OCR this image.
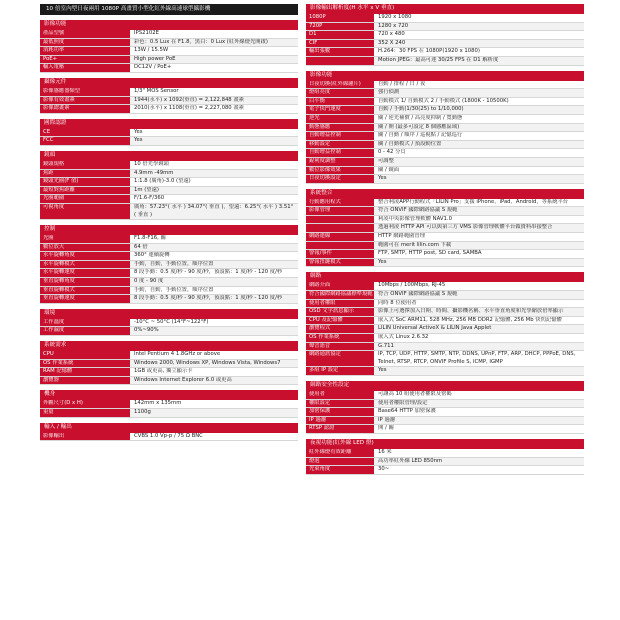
10 倍室內型日夜兩用 1080P 高畫質小型化紅外線高速球型攝影機
影像功能
產品型號	IPS2102E
最低照度	彩色：0.5 Lux 在 F1.8，黑白：0 Lux (紅外線燈光開啟)
消耗功率	13W / 15.5W
PoE+	High power PoE
輸入電壓	DC12V / PoE+
攝像元件
影像感應器類型	1/3" MOS Sensor
影像有效畫素	1944(水平) x 1092(垂直) = 2,122,848 畫素
影像總畫素	2010(水平) x 1108(垂直) = 2,227,080 畫素
國際認證
CE	Yes
FCC	Yes
鏡頭
鏡頭規格	10 倍光學鏡頭
焦距	4.9mm -49mm
鏡頭光圈(F 值)	1:1.8 (廣角)-3.0 (望遠)
最短對焦距離	1m (望遠)
光圈範圍	F/1.6-F/360
可視角度	廣角：57.23°( 水平 ) 34.07°( 垂直 )，望遠：6.25°( 水平 ) 3.51°( 垂直 )
控制
光圈	F1.8-F16, 關
數位放大	64 倍
水平旋轉角度	360° 連續旋轉
水平旋轉模式	手動，自動，手動位置，順序位置
水平旋轉速度	8 段手動：0.5 度/秒 - 90 度/秒，預設點：1 度/秒 - 120 度/秒
垂直旋轉角度	0 度 - 90 度
垂直旋轉模式	手動，自動，手動位置，順序位置
垂直旋轉速度	8 段手動：0.5 度/秒 - 90 度/秒，預設點：1 度/秒 - 120 度/秒
環境
工作溫度	-10°C ~ 50°C (14°F~122°F)
工作濕度	0%~90%
系統需求
CPU	Intel Pentium 4 1.8GHz or above
OS 作業系統	Windows 2000, Windows XP, Windows Vista, Windows7
RAM 記憶體	1GB 或更高, 獨立顯示卡
瀏覽器	Windows Internet Explorer 6.0 或更高
機身
外觀尺寸(D x H)	142mm x 135mm
重量	1100g
輸入 / 輸出
影像輸出	CVBS 1.0 Vp-p / 75 Ω BNC
影像輸出解析度(H 水平 x V 垂直)
1080P	1920 x 1080
720P	1280 x 720
D1	720 x 480
CIF	352 X 240
輸出張數	H.264：30 FPS 在 1080P(1920 x 1080)
Motion JPEG：最高可達 30/25 FPS 在 D1 解析度
影像功能
日夜切換(紅外線濾片)	自動 / 排程 / 日 / 夜
燈組亮度	強行偵測
白平衡	自動模式 1/ 自動模式 2 / 手動模式 (1800K - 10500K)
電子快門速度	自動 / 手動(1/30(25) to 1/10,000)
逆光	關 / 逆光補償 / 高亮度抑制 / 寬動態
動態感應	關 / 開 (最多可設定 8 個感應區域)
自動增益控制	關 / 自動 / 順序 / 巡視點 / 記憶巡行
移動設定	關 / 自動模式 / 預設動位置
自動增益控制	0 - 42 分貝
銳利度調整	可調整
數位影像效果	關 / 鏡面
日夜切換設定	Yes
系統整合
行動應用程式	整合利凌APP行動程式「LILIN Pro」支援 iPhone、iPad、Android、等系統平台
影像管理	符合 ONVIF 國際網路協議 S 規範
利凌中央影像管理軟體 NAV1.0
透過利凌 HTTP API 可以與第三方 VMS 影像管理軟體平台做資料串接整合
網路連線	HTTP 網路範圍管理
範圍可在 merit lilin.com 下載
警報/事件	FTP, SMTP, HTTP post, SD card, SAMBA
警報扭鏈模式	Yes
網路
網路介面	10Mbps / 100Mbps, RJ-45
符合國際網路協議標準規範	符合 ONVIF 國際網路協議 S 規範
使用者權限	同時 8 位使用者
OSD 文字訊息顯示	影像上可選擇加入日期、時間、攝影機名稱、水平垂直角度和光學縮放倍率顯示
CPU 及記憶體	嵌入式 SoC ARM11, 528 MHz, 256 MB DDR2 記憶體, 256 Mb 快閃記憶體
瀏覽程式	LILIN Universal ActiveX & LILIN Java Applet
OS 作業系統	嵌入式 Linux 2.6.32
聲音語音	G.711
網路通訊協定	IP, TCP, UDP, HTTP, SMTP, NTP, DDNS, UPnP, FTP, ARP, DHCP, PPPoE, DNS, Telnet, RTSP, RTCP, ONVIF Profile S, ICMP, IGMP
多組 IP 設定	Yes
網路安全性設定
使用者	可讓高 10 組使用者權限及密碼
權限設定	使用者權限管理/設定
加密保護	Base64 HTTP 加密保護
IP 過濾	IP 過濾
RTSP 認證	開 / 關
夜視功能(紅外線 LED 燈)
紅外線燈有效距離	16 米
燈泡	高功率紅外線 LED 850nm
光束角度	30~
